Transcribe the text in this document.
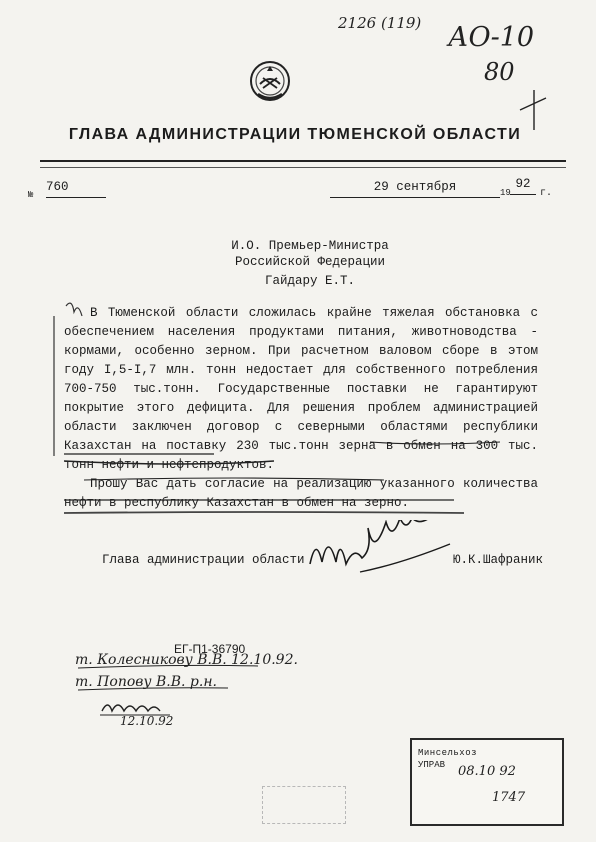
2126 (119) АО-10
80
ГЛАВА АДМИНИСТРАЦИИ ТЮМЕНСКОЙ ОБЛАСТИ
№
760	29 сентября	19
92
г.
И.О. Премьер-Министра
Российской Федерации
Гайдару Е.Т.

В Тюменской области сложилась крайне тяжелая обстановка с обеспечением населения продуктами питания, животноводства - кормами, особенно зерном. При расчетном валовом сборе в этом году I,5-I,7 млн. тонн недостает для собственного потребления 700-750 тыс.тонн. Государственные поставки не гарантируют покрытие этого дефицита. Для решения проблем администрацией области заключен договор с северными областями республики Казахстан на поставку 230 тыс.тонн зерна в обмен на 300 тыс. тонн нефти и нефтепродуктов.

Прошу Вас дать согласие на реализацию указанного количества нефти в республику Казахстан в обмен на зерно.

Глава администрации области	Ю.К.Шафраник
ЕГ-П1-36790
т. Колесникову В.В. 12.10.92.
т. Попову В.В. р.н.
12.10.92
Минсельхоз
УПРАВ 08.10 92
1747
